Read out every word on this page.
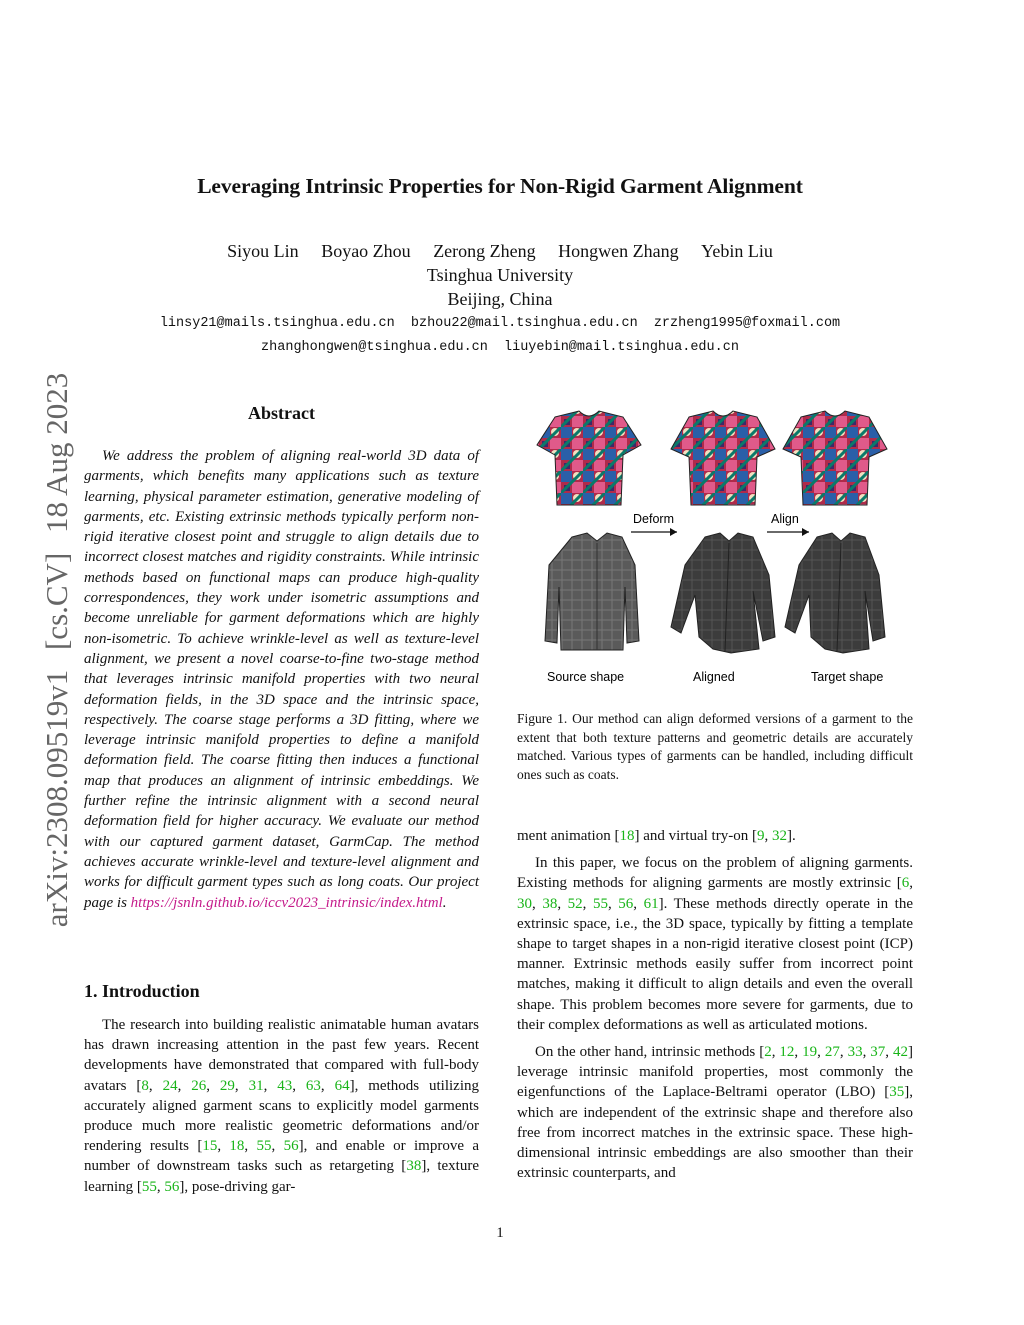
Leveraging Intrinsic Properties for Non-Rigid Garment Alignment
Siyou Lin Boyao Zhou Zerong Zheng Hongwen Zhang Yebin Liu
Tsinghua University
Beijing, China
linsy21@mails.tsinghua.edu.cn bzhou22@mail.tsinghua.edu.cn zrzheng1995@foxmail.com
zhanghongwen@tsinghua.edu.cn liuyebin@mail.tsinghua.edu.cn
arXiv:2308.09519v1 [cs.CV] 18 Aug 2023	Abstract
We address the problem of aligning real-world 3D data of garments, which benefits many applications such as texture learning, physical parameter estimation, generative modeling of garments, etc. Existing extrinsic methods typically perform non-rigid iterative closest point and struggle to align details due to incorrect closest matches and rigidity constraints. While intrinsic methods based on functional maps can produce high-quality correspondences, they work under isometric assumptions and become unreliable for garment deformations which are highly non-isometric. To achieve wrinkle-level as well as texture-level alignment, we present a novel coarse-to-fine two-stage method that leverages intrinsic manifold properties with two neural deformation fields, in the 3D space and the intrinsic space, respectively. The coarse stage performs a 3D fitting, where we leverage intrinsic manifold properties to define a manifold deformation field. The coarse fitting then induces a functional map that produces an alignment of intrinsic embeddings. We further refine the intrinsic alignment with a second neural deformation field for higher accuracy. We evaluate our method with our captured garment dataset, GarmCap. The method achieves accurate wrinkle-level and texture-level alignment and works for difficult garment types such as long coats. Our project page is https://jsnln.github.io/iccv2023_intrinsic/index.html.
1. Introduction

The research into building realistic animatable human avatars has drawn increasing attention in the past few years. Recent developments have demonstrated that compared with full-body avatars [8, 24, 26, 29, 31, 43, 63, 64], methods utilizing accurately aligned garment scans to explicitly model garments produce much more realistic geometric deformations and/or rendering results [15, 18, 55, 56], and enable or improve a number of downstream tasks such as retargeting [38], texture learning [55, 56], pose-driving gar-

Deform	Align
Source shape	Aligned	Target shape
Figure 1. Our method can align deformed versions of a garment to the extent that both texture patterns and geometric details are accurately matched. Various types of garments can be handled, including difficult ones such as coats.

ment animation [18] and virtual try-on [9, 32].

In this paper, we focus on the problem of aligning garments. Existing methods for aligning garments are mostly extrinsic [6, 30, 38, 52, 55, 56, 61]. These methods directly operate in the extrinsic space, i.e., the 3D space, typically by fitting a template shape to target shapes in a non-rigid iterative closest point (ICP) manner. Extrinsic methods easily suffer from incorrect point matches, making it difficult to align details and even the overall shape. This problem becomes more severe for garments, due to their complex deformations as well as articulated motions.

On the other hand, intrinsic methods [2, 12, 19, 27, 33, 37, 42] leverage intrinsic manifold properties, most commonly the eigenfunctions of the Laplace-Beltrami operator (LBO) [35], which are independent of the extrinsic shape and therefore also free from incorrect matches in the extrinsic space. These high-dimensional intrinsic embeddings are also smoother than their extrinsic counterparts, and

1
